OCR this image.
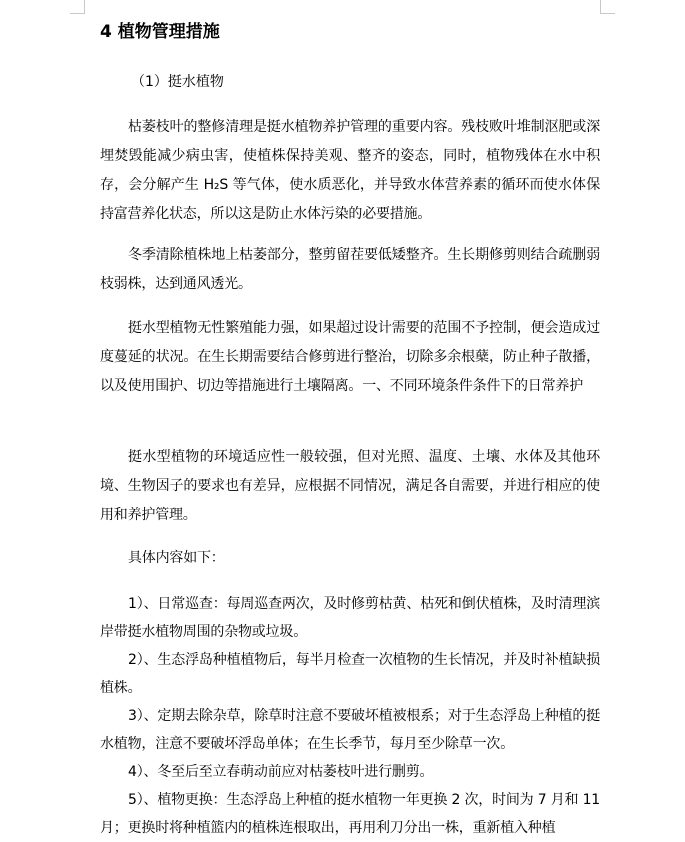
4 植物管理措施

（1）挺水植物

枯萎枝叶的整修清理是挺水植物养护管理的重要内容。残枝败叶堆制沤肥或深埋焚毁能减少病虫害，使植株保持美观、整齐的姿态，同时，植物残体在水中积存，会分解产生 H₂S 等气体，使水质恶化，并导致水体营养素的循环而使水体保持富营养化状态，所以这是防止水体污染的必要措施。

冬季清除植株地上枯萎部分，整剪留茬要低矮整齐。生长期修剪则结合疏删弱枝弱株，达到通风透光。

挺水型植物无性繁殖能力强，如果超过设计需要的范围不予控制，便会造成过度蔓延的状况。在生长期需要结合修剪进行整治，切除多余根蘖，防止种子散播，以及使用围护、切边等措施进行土壤隔离。一、不同环境条件条件下的日常养护

挺水型植物的环境适应性一般较强，但对光照、温度、土壤、水体及其他环境、生物因子的要求也有差异，应根据不同情况，满足各自需要，并进行相应的使用和养护管理。

具体内容如下：

1）、日常巡查：每周巡查两次，及时修剪枯黄、枯死和倒伏植株，及时清理滨岸带挺水植物周围的杂物或垃圾。

2）、生态浮岛种植植物后，每半月检查一次植物的生长情况，并及时补植缺损植株。

3）、定期去除杂草，除草时注意不要破坏植被根系；对于生态浮岛上种植的挺水植物，注意不要破坏浮岛单体；在生长季节，每月至少除草一次。

4）、冬至后至立春萌动前应对枯萎枝叶进行删剪。

5）、植物更换：生态浮岛上种植的挺水植物一年更换 2 次，时间为 7 月和 11 月；更换时将种植篮内的植株连根取出，再用利刀分出一株，重新植入种植
